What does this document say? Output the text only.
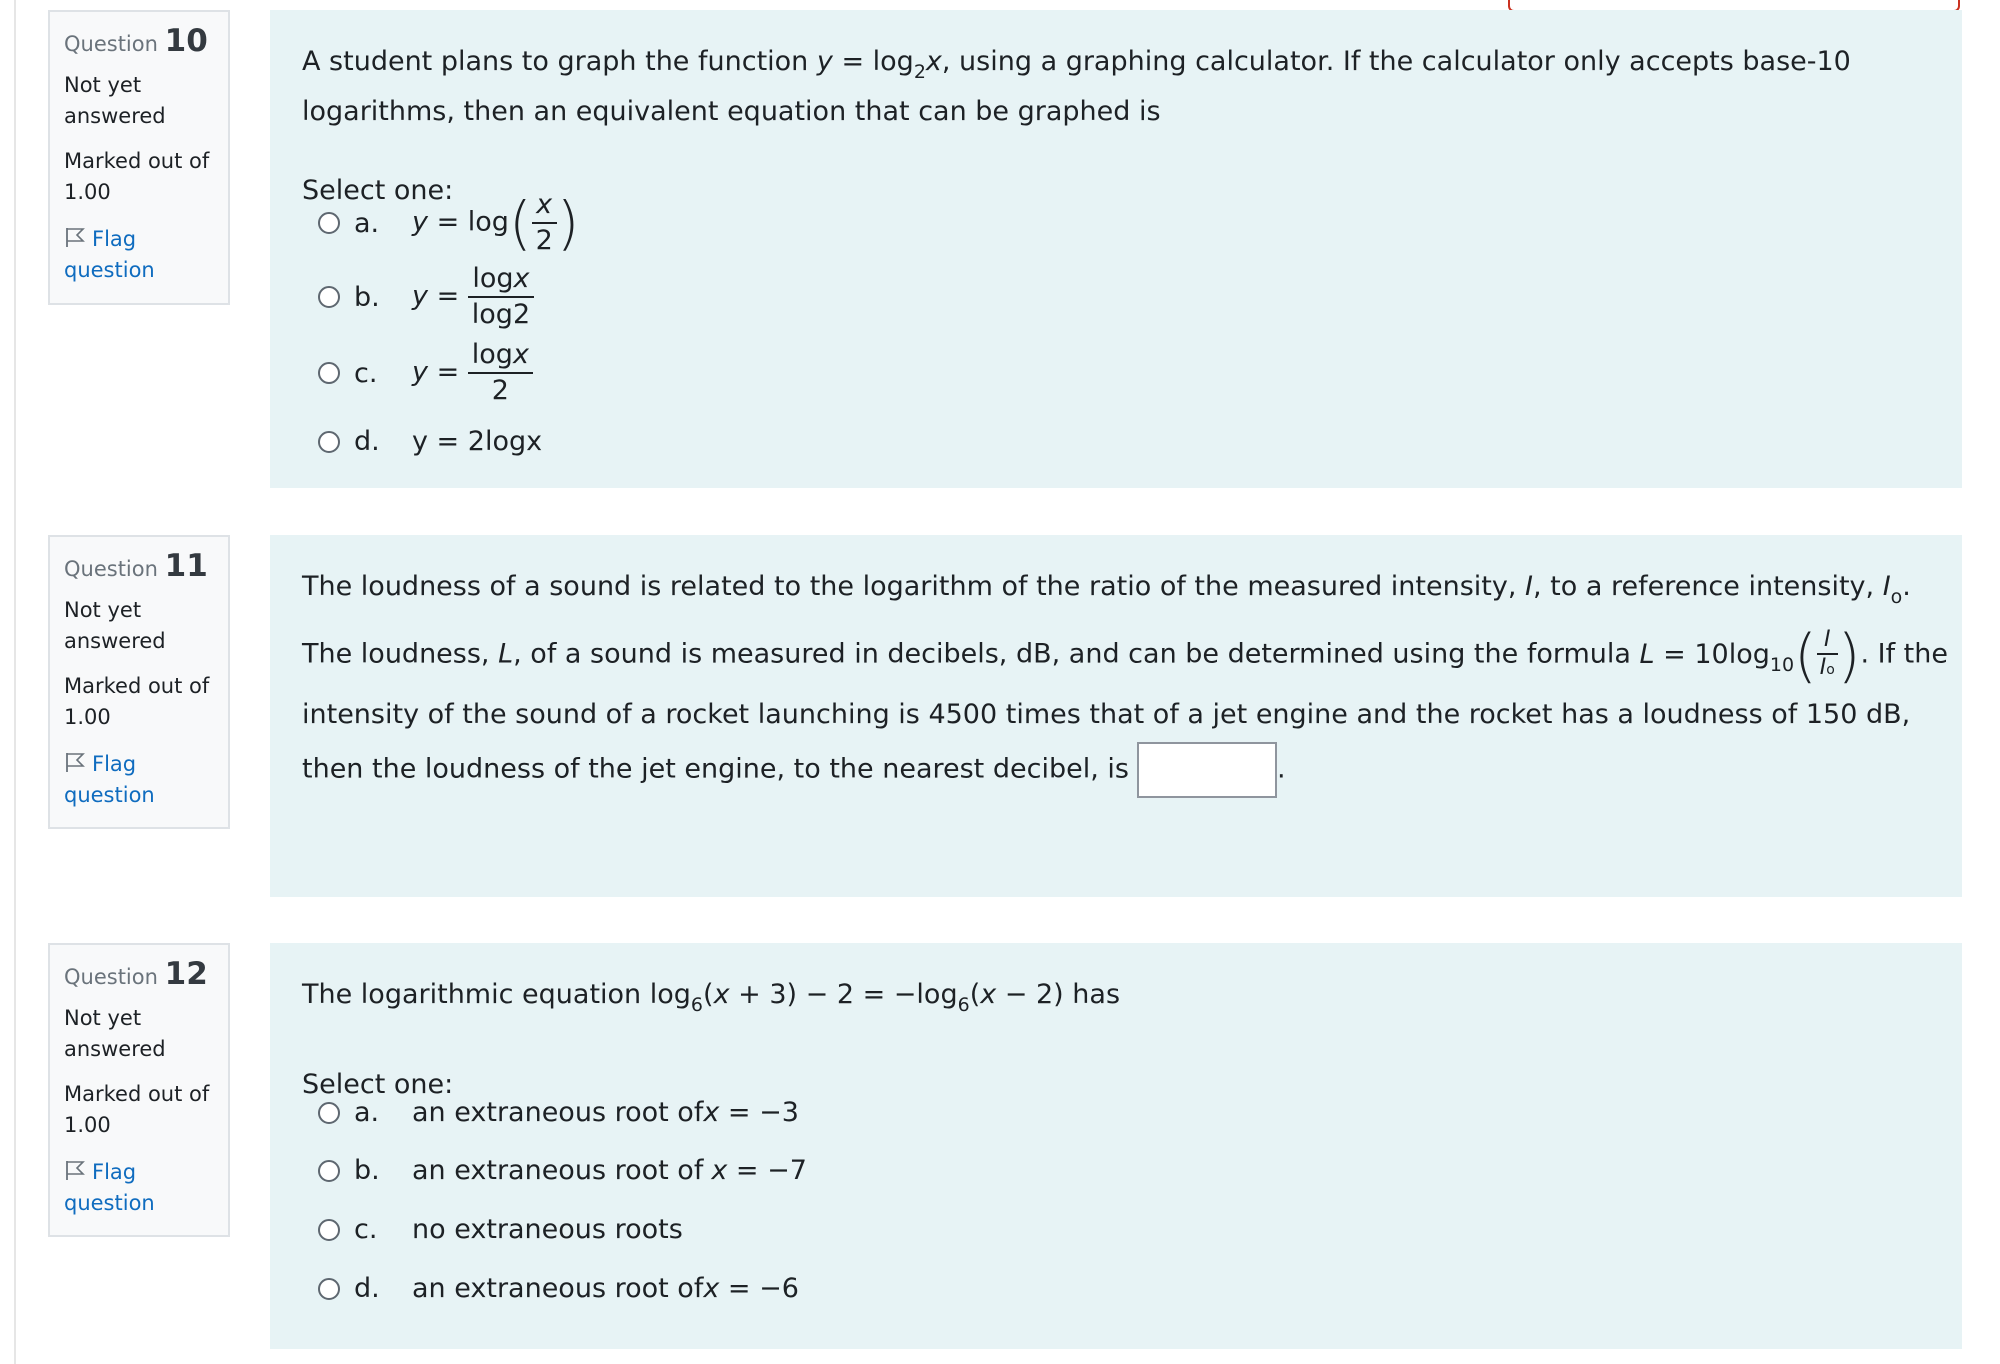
Question 10
Not yet answered
Marked out of 1.00
Flag question

A student plans to graph the function $y = \log_2x$, using a graphing calculator. If the calculator only accepts base-10 logarithms, then an equivalent equation that can be graphed is

Select one:
a.	$y = \log( \frac{x}{2}$ )
b.	$y = \frac{\log x}{\log 2}$
c.	$y = \frac{\log x}{2}$
d.	y = 2logx
Question 11
Not yet answered
Marked out of 1.00
Flag question
The loudness of a sound is related to the logarithm of the ratio of the measured intensity, I, to a reference intensity, $I_o$.
The loudness, L, of a sound is measured in decibels, dB, and can be determined using the formula $L = 10\log_{10}( \frac{I}{Io}$ ). If the
intensity of the sound of a rocket launching is 4500 times that of a jet engine and the rocket has a loudness of 150 dB,
then the loudness of the jet engine, to the nearest decibel, is	.
Question 12
Not yet answered
Marked out of 1.00
Flag question

The logarithmic equation $\log_6(x + 3) - 2 = -\log_6(x - 2)$ has

Select one:
a.	an extraneous root of x = −3
b.	an extraneous root of x = −7
c.	no extraneous roots
d.	an extraneous root of x = −6
